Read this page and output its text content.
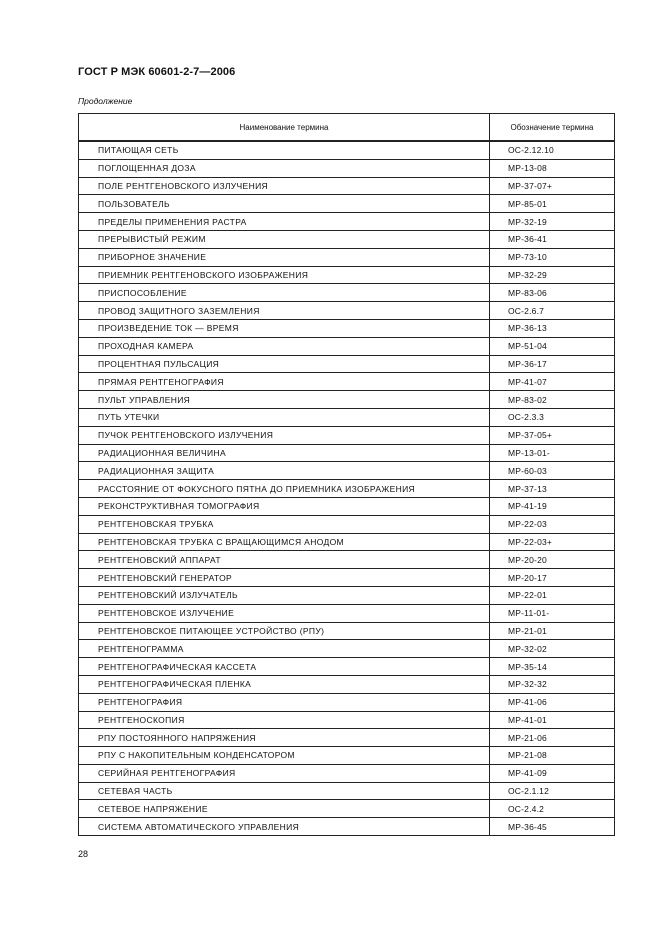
ГОСТ Р МЭК 60601-2-7—2006
Продолжение
Наименование термина	Обозначение термина
ПИТАЮЩАЯ СЕТЬ	ОС-2.12.10
ПОГЛОЩЕННАЯ ДОЗА	МР-13-08
ПОЛЕ РЕНТГЕНОВСКОГО ИЗЛУЧЕНИЯ	МР-37-07+
ПОЛЬЗОВАТЕЛЬ	МР-85-01
ПРЕДЕЛЫ ПРИМЕНЕНИЯ РАСТРА	МР-32-19
ПРЕРЫВИСТЫЙ РЕЖИМ	МР-36-41
ПРИБОРНОЕ ЗНАЧЕНИЕ	МР-73-10
ПРИЕМНИК РЕНТГЕНОВСКОГО ИЗОБРАЖЕНИЯ	МР-32-29
ПРИСПОСОБЛЕНИЕ	МР-83-06
ПРОВОД ЗАЩИТНОГО ЗАЗЕМЛЕНИЯ	ОС-2.6.7
ПРОИЗВЕДЕНИЕ ТОК — ВРЕМЯ	МР-36-13
ПРОХОДНАЯ КАМЕРА	МР-51-04
ПРОЦЕНТНАЯ ПУЛЬСАЦИЯ	МР-36-17
ПРЯМАЯ РЕНТГЕНОГРАФИЯ	МР-41-07
ПУЛЬТ УПРАВЛЕНИЯ	МР-83-02
ПУТЬ УТЕЧКИ	ОС-2.3.3
ПУЧОК РЕНТГЕНОВСКОГО ИЗЛУЧЕНИЯ	МР-37-05+
РАДИАЦИОННАЯ ВЕЛИЧИНА	МР-13-01-
РАДИАЦИОННАЯ ЗАЩИТА	МР-60-03
РАССТОЯНИЕ ОТ ФОКУСНОГО ПЯТНА ДО ПРИЕМНИКА ИЗОБРАЖЕНИЯ	МР-37-13
РЕКОНСТРУКТИВНАЯ ТОМОГРАФИЯ	МР-41-19
РЕНТГЕНОВСКАЯ ТРУБКА	МР-22-03
РЕНТГЕНОВСКАЯ ТРУБКА С ВРАЩАЮЩИМСЯ АНОДОМ	МР-22-03+
РЕНТГЕНОВСКИЙ АППАРАТ	МР-20-20
РЕНТГЕНОВСКИЙ ГЕНЕРАТОР	МР-20-17
РЕНТГЕНОВСКИЙ ИЗЛУЧАТЕЛЬ	МР-22-01
РЕНТГЕНОВСКОЕ ИЗЛУЧЕНИЕ	МР-11-01-
РЕНТГЕНОВСКОЕ ПИТАЮЩЕЕ УСТРОЙСТВО (РПУ)	МР-21-01
РЕНТГЕНОГРАММА	МР-32-02
РЕНТГЕНОГРАФИЧЕСКАЯ КАССЕТА	МР-35-14
РЕНТГЕНОГРАФИЧЕСКАЯ ПЛЕНКА	МР-32-32
РЕНТГЕНОГРАФИЯ	МР-41-06
РЕНТГЕНОСКОПИЯ	МР-41-01
РПУ ПОСТОЯННОГО НАПРЯЖЕНИЯ	МР-21-06
РПУ С НАКОПИТЕЛЬНЫМ КОНДЕНСАТОРОМ	МР-21-08
СЕРИЙНАЯ РЕНТГЕНОГРАФИЯ	МР-41-09
СЕТЕВАЯ ЧАСТЬ	ОС-2.1.12
СЕТЕВОЕ НАПРЯЖЕНИЕ	ОС-2.4.2
СИСТЕМА АВТОМАТИЧЕСКОГО УПРАВЛЕНИЯ	МР-36-45
28
